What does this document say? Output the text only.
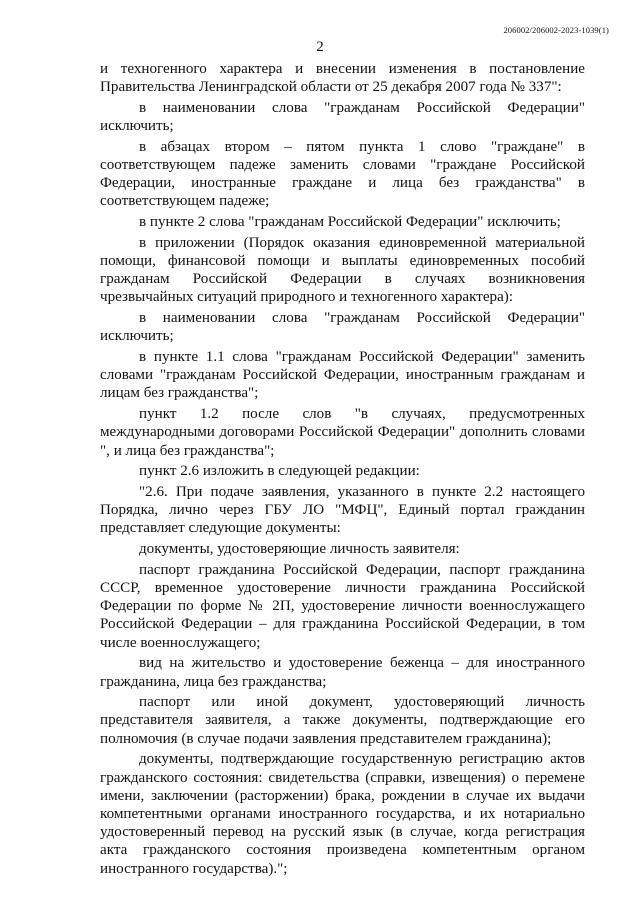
206002/206002-2023-1039(1)
2

и техногенного характера и внесении изменения в постановление Правительства Ленинградской области от 25 декабря 2007 года № 337":

в наименовании слова "гражданам Российской Федерации" исключить;

в абзацах втором – пятом пункта 1 слово "граждане" в соответствующем падеже заменить словами "граждане Российской Федерации, иностранные граждане и лица без гражданства" в соответствующем падеже;

в пункте 2 слова "гражданам Российской Федерации" исключить;

в приложении (Порядок оказания единовременной материальной помощи, финансовой помощи и выплаты единовременных пособий гражданам Российской Федерации в случаях возникновения чрезвычайных ситуаций природного и техногенного характера):

в наименовании слова "гражданам Российской Федерации" исключить;

в пункте 1.1 слова "гражданам Российской Федерации" заменить словами "гражданам Российской Федерации, иностранным гражданам и лицам без гражданства";

пункт 1.2 после слов "в случаях, предусмотренных международными договорами Российской Федерации" дополнить словами ", и лица без гражданства";

пункт 2.6 изложить в следующей редакции:

"2.6. При подаче заявления, указанного в пункте 2.2 настоящего Порядка, лично через ГБУ ЛО "МФЦ", Единый портал гражданин представляет следующие документы:

документы, удостоверяющие личность заявителя:

паспорт гражданина Российской Федерации, паспорт гражданина СССР, временное удостоверение личности гражданина Российской Федерации по форме № 2П, удостоверение личности военнослужащего Российской Федерации – для гражданина Российской Федерации, в том числе военнослужащего;

вид на жительство и удостоверение беженца – для иностранного гражданина, лица без гражданства;

паспорт или иной документ, удостоверяющий личность представителя заявителя, а также документы, подтверждающие его полномочия (в случае подачи заявления представителем гражданина);

документы, подтверждающие государственную регистрацию актов гражданского состояния: свидетельства (справки, извещения) о перемене имени, заключении (расторжении) брака, рождении в случае их выдачи компетентными органами иностранного государства, и их нотариально удостоверенный перевод на русский язык (в случае, когда регистрация акта гражданского состояния произведена компетентным органом иностранного государства).";
